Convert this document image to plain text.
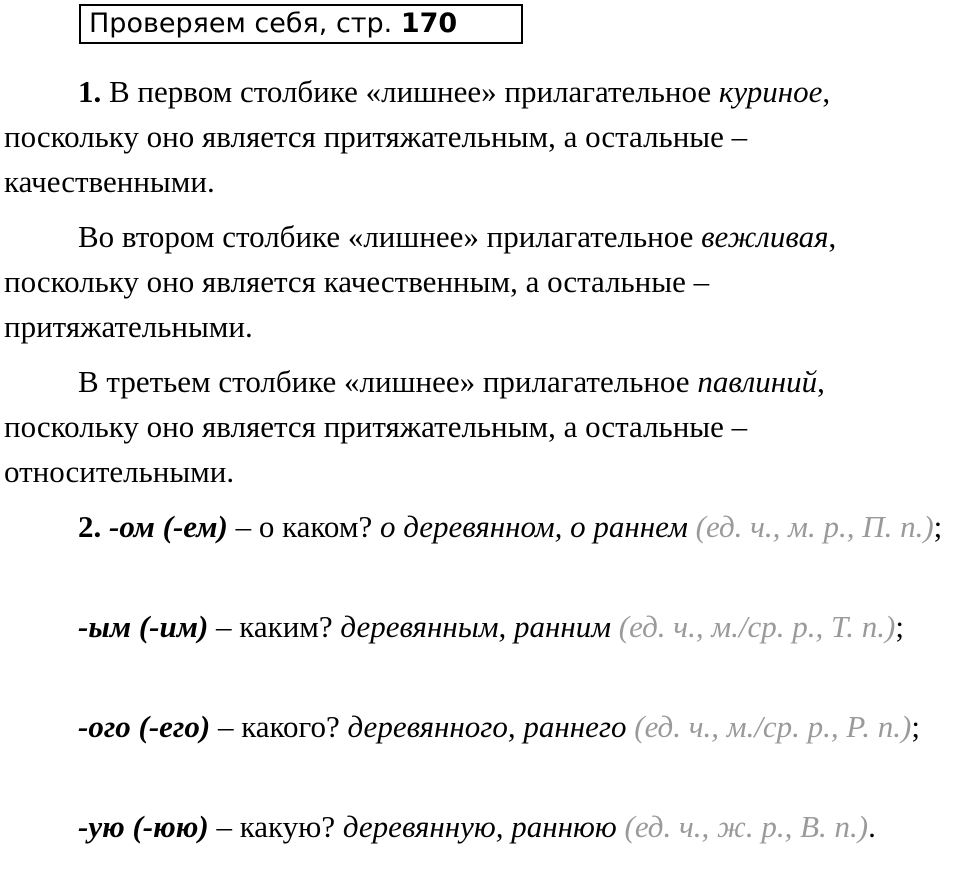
Проверяем себя, стр. 170

1. В первом столбике «лишнее» прилагательное куриное, поскольку оно является притяжательным, а остальные – качественными.

Во втором столбике «лишнее» прилагательное вежливая, поскольку оно является качественным, а остальные – притяжательными.

В третьем столбике «лишнее» прилагательное павлиний, поскольку оно является притяжательным, а остальные – относительными.

2. -ом (-ем) – о каком? о деревянном, о раннем (ед. ч., м. р., П. п.);

-ым (-им) – каким? деревянным, ранним (ед. ч., м./ср. р., Т. п.);

-ого (-его) – какого? деревянного, раннего (ед. ч., м./ср. р., Р. п.);

-ую (-юю) – какую? деревянную, раннюю (ед. ч., ж. р., В. п.).
